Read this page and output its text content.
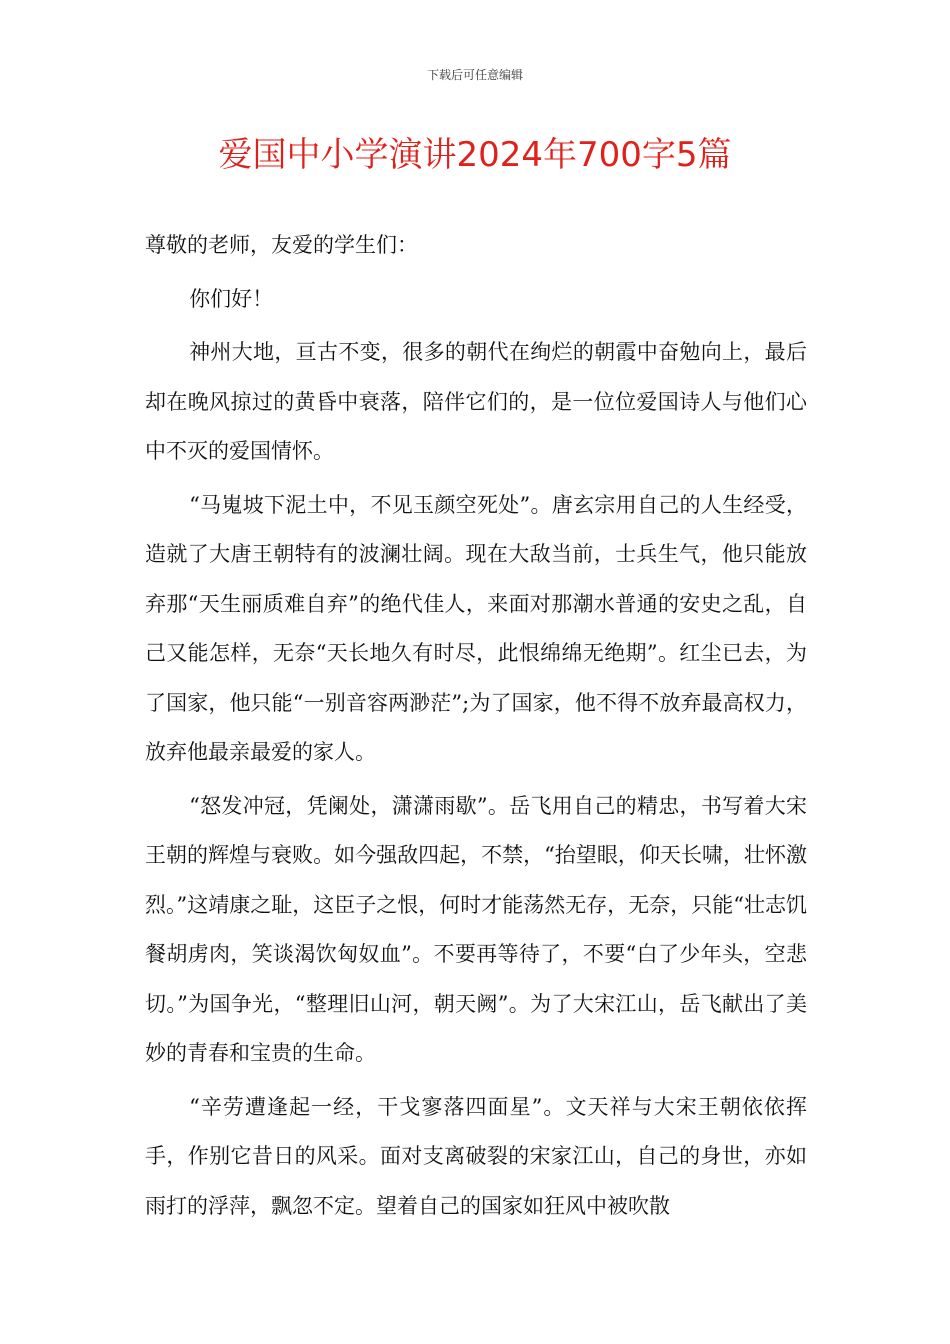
下载后可任意编辑
爱国中小学演讲2024年700字5篇

尊敬的老师，友爱的学生们：

你们好！

神州大地，亘古不变，很多的朝代在绚烂的朝霞中奋勉向上，最后却在晚风掠过的黄昏中衰落，陪伴它们的，是一位位爱国诗人与他们心中不灭的爱国情怀。

“马嵬坡下泥土中，不见玉颜空死处”。唐玄宗用自己的人生经受，造就了大唐王朝特有的波澜壮阔。现在大敌当前，士兵生气，他只能放弃那“天生丽质难自弃”的绝代佳人，来面对那潮水普通的安史之乱，自己又能怎样，无奈“天长地久有时尽，此恨绵绵无绝期”。红尘已去，为了国家，他只能“一别音容两渺茫”;为了国家，他不得不放弃最高权力，放弃他最亲最爱的家人。

“怒发冲冠，凭阑处，潇潇雨歇”。岳飞用自己的精忠，书写着大宋王朝的辉煌与衰败。如今强敌四起，不禁，“抬望眼，仰天长啸，壮怀激烈。”这靖康之耻，这臣子之恨，何时才能荡然无存，无奈，只能“壮志饥餐胡虏肉，笑谈渴饮匈奴血”。不要再等待了，不要“白了少年头，空悲切。”为国争光，“整理旧山河，朝天阙”。为了大宋江山，岳飞献出了美妙的青春和宝贵的生命。

“辛劳遭逢起一经，干戈寥落四面星”。文天祥与大宋王朝依依挥手，作别它昔日的风采。面对支离破裂的宋家江山，自己的身世，亦如雨打的浮萍，飘忽不定。望着自己的国家如狂风中被吹散
